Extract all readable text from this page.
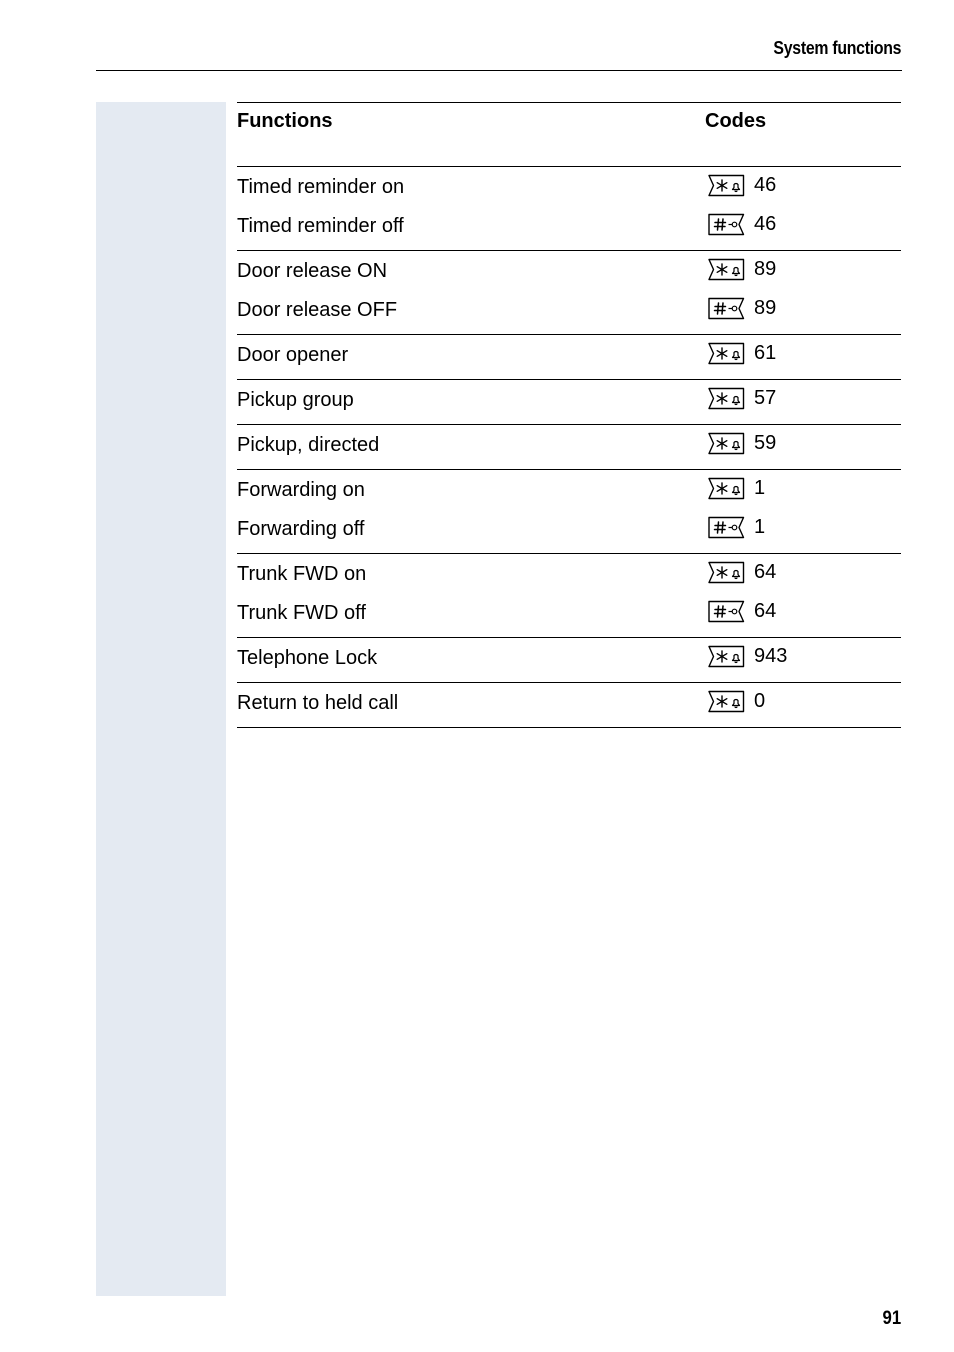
System functions
Functions	Codes
Timed reminder on	46
Timed reminder off	46
Door release ON	89
Door release OFF	89
Door opener	61
Pickup group	57
Pickup, directed	59
Forwarding on	1
Forwarding off	1
Trunk FWD on	64
Trunk FWD off	64
Telephone Lock	943
Return to held call	0
91
